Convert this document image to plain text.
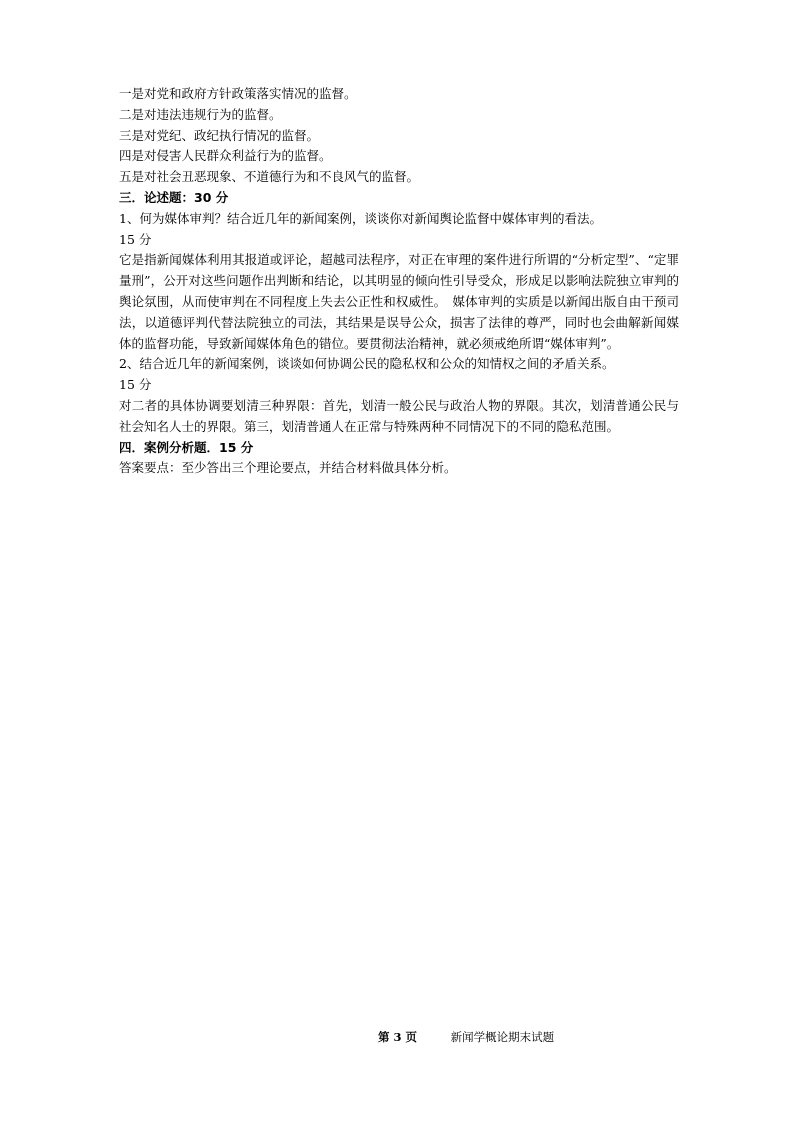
一是对党和政府方针政策落实情况的监督。
二是对违法违规行为的监督。
三是对党纪、政纪执行情况的监督。
四是对侵害人民群众利益行为的监督。
五是对社会丑恶现象、不道德行为和不良风气的监督。
三．论述题：30 分
1、何为媒体审判？结合近几年的新闻案例，谈谈你对新闻舆论监督中媒体审判的看法。
15 分
它是指新闻媒体利用其报道或评论，超越司法程序，对正在审理的案件进行所谓的“分析定型”、“定罪量刑”，公开对这些问题作出判断和结论，以其明显的倾向性引导受众，形成足以影响法院独立审判的舆论氛围，从而使审判在不同程度上失去公正性和权威性。　媒体审判的实质是以新闻出版自由干预司法，以道德评判代替法院独立的司法，其结果是误导公众，损害了法律的尊严，同时也会曲解新闻媒体的监督功能，导致新闻媒体角色的错位。要贯彻法治精神，就必须戒绝所谓“媒体审判”。
2、结合近几年的新闻案例，谈谈如何协调公民的隐私权和公众的知情权之间的矛盾关系。
15 分
对二者的具体协调要划清三种界限：首先，划清一般公民与政治人物的界限。其次，划清普通公民与社会知名人士的界限。第三，划清普通人在正常与特殊两种不同情况下的不同的隐私范围。
四．案例分析题．15 分
答案要点：至少答出三个理论要点，并结合材料做具体分析。
第 3 页	新闻学概论期末试题
